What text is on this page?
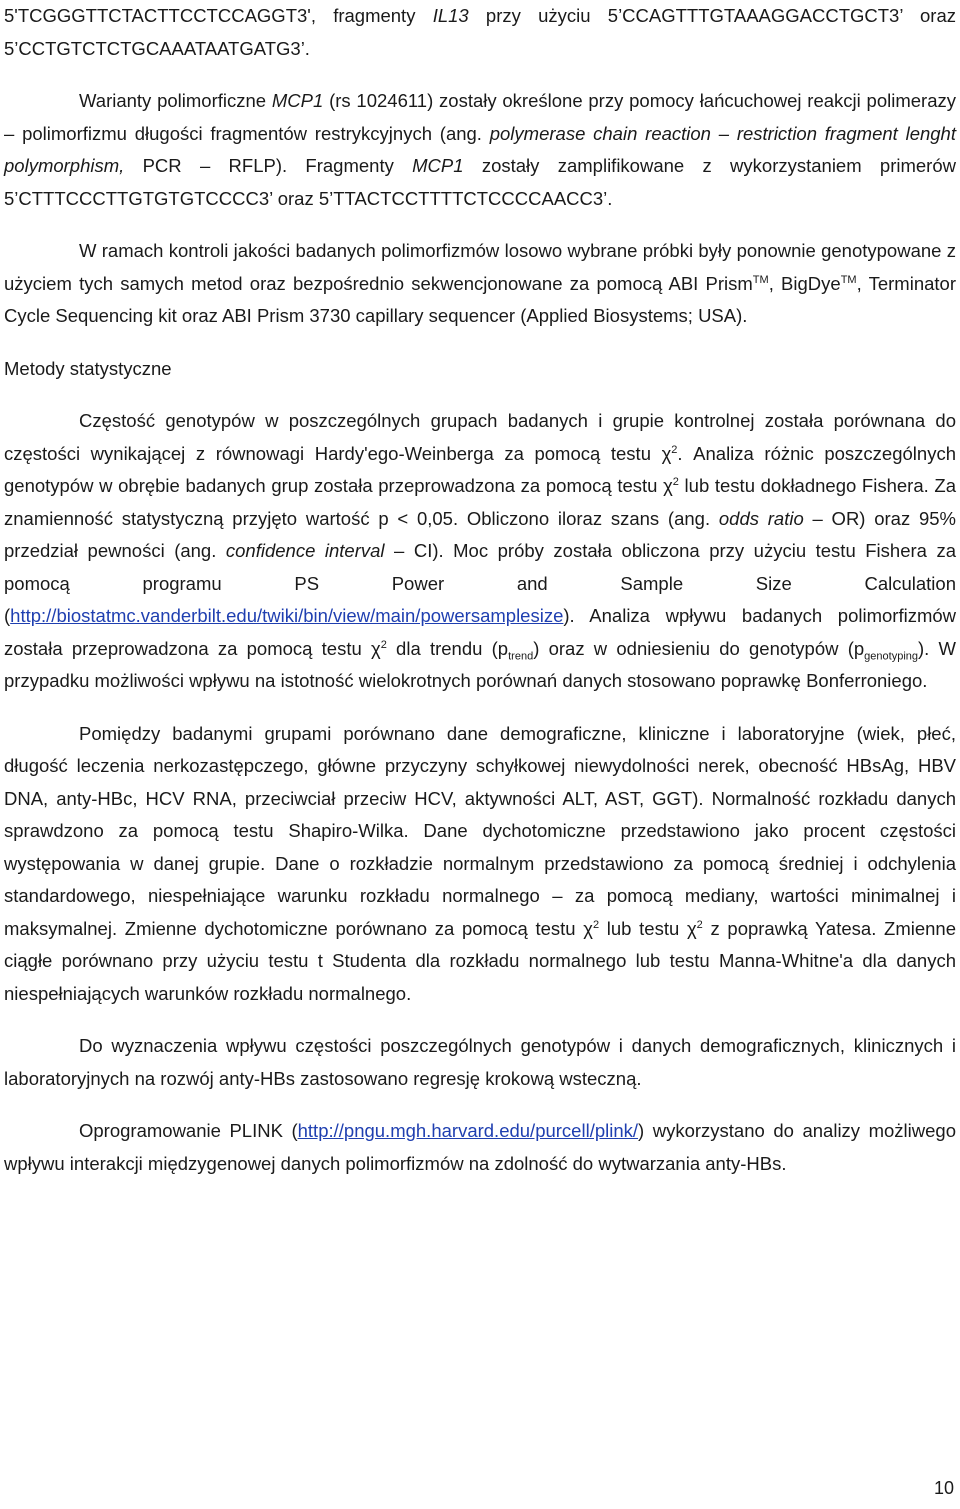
5'TCGGGTTCTACTTCCTCCAGGT3', fragmenty IL13 przy użyciu 5’CCAGTTTGTAAAGGACCTGCT3’ oraz 5’CCTGTCTCTGCAAATAATGATG3’.

Warianty polimorficzne MCP1 (rs 1024611) zostały określone przy pomocy łańcuchowej reakcji polimerazy – polimorfizmu długości fragmentów restrykcyjnych (ang. polymerase chain reaction – restriction fragment lenght polymorphism, PCR – RFLP). Fragmenty MCP1 zostały zamplifikowane z wykorzystaniem primerów 5’CTTTCCCTTGTGTGTCCCC3’ oraz 5’TTACTCCTTTTCTCCCCAACC3’.

W ramach kontroli jakości badanych polimorfizmów losowo wybrane próbki były ponownie genotypowane z użyciem tych samych metod oraz bezpośrednio sekwencjonowane za pomocą ABI Prism™, BigDye™, Terminator Cycle Sequencing kit oraz ABI Prism 3730 capillary sequencer (Applied Biosystems; USA).

Metody statystyczne

Częstość genotypów w poszczególnych grupach badanych i grupie kontrolnej została porównana do częstości wynikającej z równowagi Hardy'ego-Weinberga za pomocą testu $\chi^2$. Analiza różnic poszczególnych genotypów w obrębie badanych grup została przeprowadzona za pomocą testu $\chi^2$ lub testu dokładnego Fishera. Za znamienność statystyczną przyjęto wartość p < 0,05. Obliczono iloraz szans (ang. odds ratio – OR) oraz 95% przedział pewności (ang. confidence interval – CI). Moc próby została obliczona przy użyciu testu Fishera za pomocą programu PS Power and Sample Size Calculation (http://biostatmc.vanderbilt.edu/twiki/bin/view/main/powersamplesize). Analiza wpływu badanych polimorfizmów została przeprowadzona za pomocą testu $\chi^2$ dla trendu $(p_{trend})$ oraz w odniesieniu do genotypów $(p_{genotyping})$. W przypadku możliwości wpływu na istotność wielokrotnych porównań danych stosowano poprawkę Bonferroniego.

Pomiędzy badanymi grupami porównano dane demograficzne, kliniczne i laboratoryjne (wiek, płeć, długość leczenia nerkozastępczego, główne przyczyny schyłkowej niewydolności nerek, obecność HBsAg, HBV DNA, anty-HBc, HCV RNA, przeciwciał przeciw HCV, aktywności ALT, AST, GGT). Normalność rozkładu danych sprawdzono za pomocą testu Shapiro-Wilka. Dane dychotomiczne przedstawiono jako procent częstości występowania w danej grupie. Dane o rozkładzie normalnym przedstawiono za pomocą średniej i odchylenia standardowego, niespełniające warunku rozkładu normalnego – za pomocą mediany, wartości minimalnej i maksymalnej. Zmienne dychotomiczne porównano za pomocą testu $\chi^2$ lub testu $\chi^2$ z poprawką Yatesa. Zmienne ciągłe porównano przy użyciu testu t Studenta dla rozkładu normalnego lub testu Manna-Whitne'a dla danych niespełniających warunków rozkładu normalnego.

Do wyznaczenia wpływu częstości poszczególnych genotypów i danych demograficznych, klinicznych i laboratoryjnych na rozwój anty-HBs zastosowano regresję krokową wsteczną.

Oprogramowanie PLINK (http://pngu.mgh.harvard.edu/purcell/plink/) wykorzystano do analizy możliwego wpływu interakcji międzygenowej danych polimorfizmów na zdolność do wytwarzania anty-HBs.

10
